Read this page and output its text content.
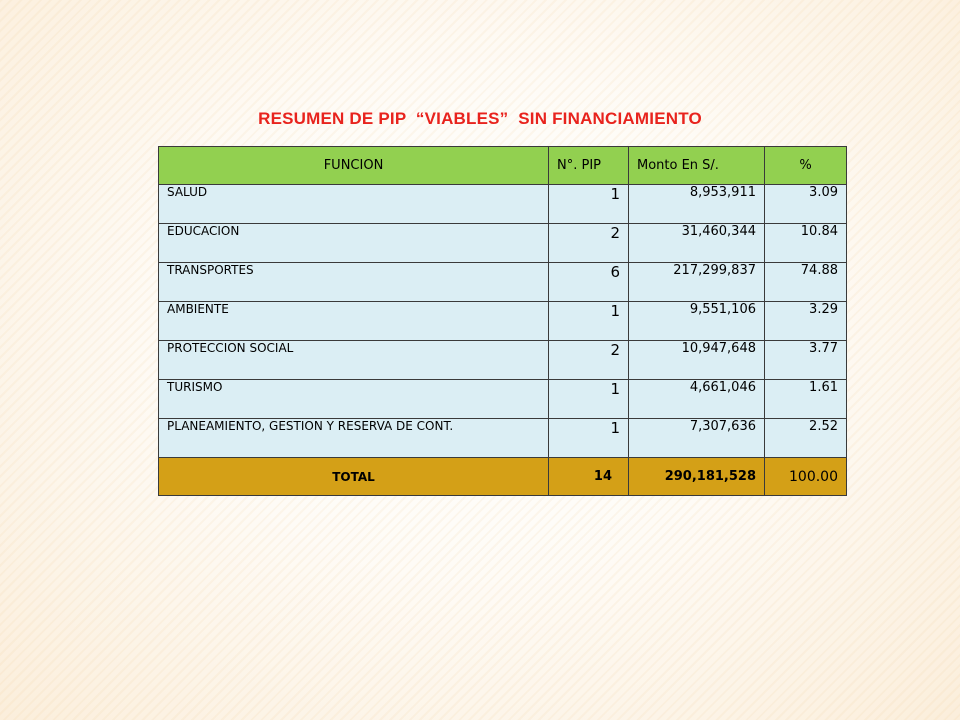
RESUMEN DE PIP  “VIABLES”  SIN FINANCIAMIENTO
FUNCION	N°. PIP	Monto En S/.	%
SALUD	1	8,953,911	3.09
EDUCACION	2	31,460,344	10.84
TRANSPORTES	6	217,299,837	74.88
AMBIENTE	1	9,551,106	3.29
PROTECCION SOCIAL	2	10,947,648	3.77
TURISMO	1	4,661,046	1.61
PLANEAMIENTO, GESTION Y RESERVA DE CONT.	1	7,307,636	2.52
TOTAL	14	290,181,528	100.00
